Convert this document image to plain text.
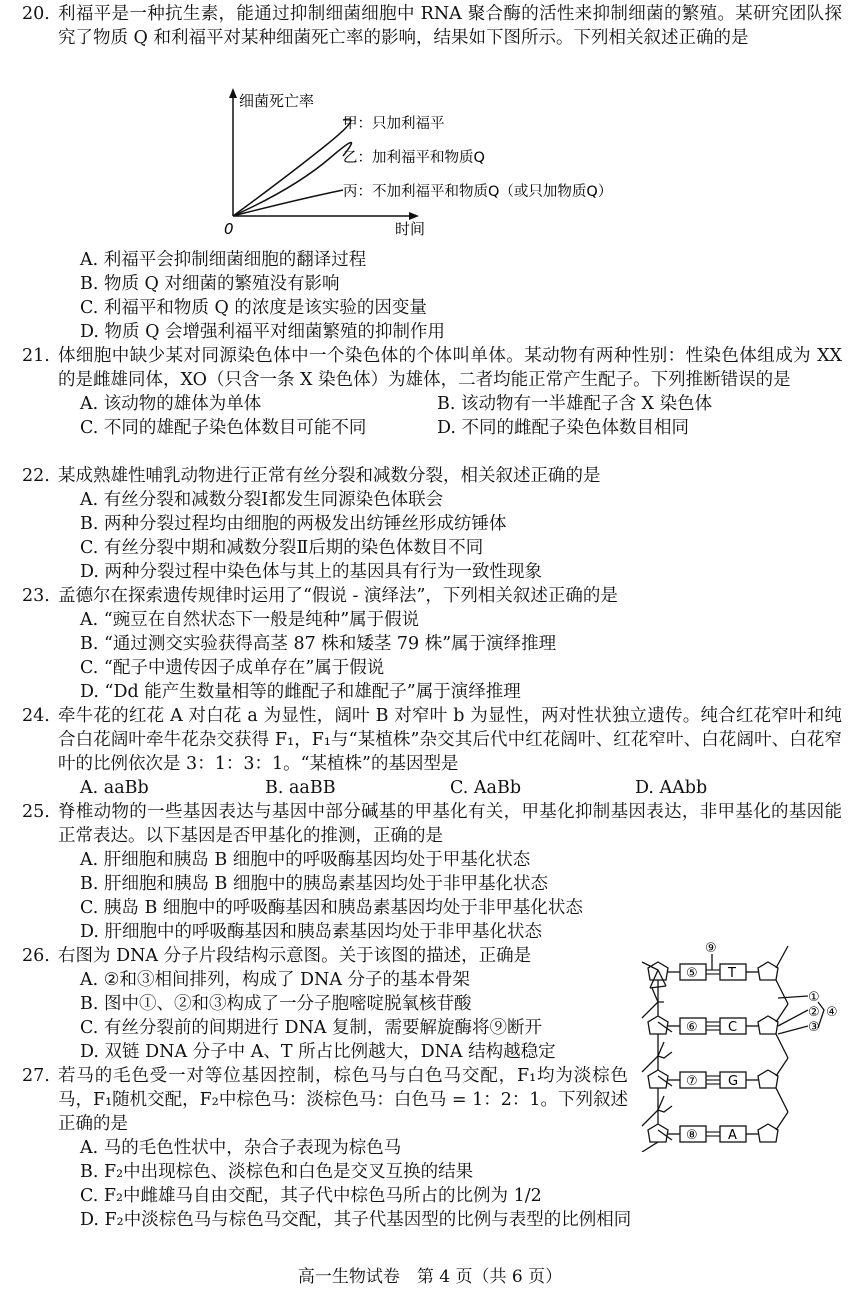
20. 利福平是一种抗生素，能通过抑制细菌细胞中 RNA 聚合酶的活性来抑制细菌的繁殖。某研究团队探究了物质 Q 和利福平对某种细菌死亡率的影响，结果如下图所示。下列相关叙述正确的是
细菌死亡率
0	时间
甲：只加利福平
乙：加利福平和物质Q
丙：不加利福平和物质Q（或只加物质Q）
A. 利福平会抑制细菌细胞的翻译过程
B. 物质 Q 对细菌的繁殖没有影响
C. 利福平和物质 Q 的浓度是该实验的因变量
D. 物质 Q 会增强利福平对细菌繁殖的抑制作用
21. 体细胞中缺少某对同源染色体中一个染色体的个体叫单体。某动物有两种性别：性染色体组成为 XX 的是雌雄同体，XO（只含一条 X 染色体）为雄体，二者均能正常产生配子。下列推断错误的是
A. 该动物的雄体为单体	B. 该动物有一半雄配子含 X 染色体
C. 不同的雄配子染色体数目可能不同	D. 不同的雌配子染色体数目相同
22. 某成熟雄性哺乳动物进行正常有丝分裂和减数分裂，相关叙述正确的是
A. 有丝分裂和减数分裂Ⅰ都发生同源染色体联会
B. 两种分裂过程均由细胞的两极发出纺锤丝形成纺锤体
C. 有丝分裂中期和减数分裂Ⅱ后期的染色体数目不同
D. 两种分裂过程中染色体与其上的基因具有行为一致性现象
23. 孟德尔在探索遗传规律时运用了“假说 - 演绎法”，下列相关叙述正确的是
A. “豌豆在自然状态下一般是纯种”属于假说
B. “通过测交实验获得高茎 87 株和矮茎 79 株”属于演绎推理
C. “配子中遗传因子成单存在”属于假说
D. “Dd 能产生数量相等的雌配子和雄配子”属于演绎推理
24. 牵牛花的红花 A 对白花 a 为显性，阔叶 B 对窄叶 b 为显性，两对性状独立遗传。纯合红花窄叶和纯合白花阔叶牵牛花杂交获得 F₁，F₁与“某植株”杂交其后代中红花阔叶、红花窄叶、白花阔叶、白花窄叶的比例依次是 3：1：3：1。“某植株”的基因型是
A. aaBb	B. aaBB	C. AaBb	D. AAbb
25. 脊椎动物的一些基因表达与基因中部分碱基的甲基化有关，甲基化抑制基因表达，非甲基化的基因能正常表达。以下基因是否甲基化的推测，正确的是
A. 肝细胞和胰岛 B 细胞中的呼吸酶基因均处于甲基化状态
B. 肝细胞和胰岛 B 细胞中的胰岛素基因均处于非甲基化状态
C. 胰岛 B 细胞中的呼吸酶基因和胰岛素基因均处于非甲基化状态
D. 肝细胞中的呼吸酶基因和胰岛素基因均处于非甲基化状态
26. 右图为 DNA 分子片段结构示意图。关于该图的描述，正确是
A. ②和③相间排列，构成了 DNA 分子的基本骨架
B. 图中①、②和③构成了一分子胞嘧啶脱氧核苷酸
C. 有丝分裂前的间期进行 DNA 复制，需要解旋酶将⑨断开
D. 双链 DNA 分子中 A、T 所占比例越大，DNA 结构越稳定
27. 若马的毛色受一对等位基因控制，棕色马与白色马交配，F₁均为淡棕色马，F₁随机交配，F₂中棕色马：淡棕色马：白色马 = 1：2：1。下列叙述正确的是
A. 马的毛色性状中，杂合子表现为棕色马
B. F₂中出现棕色、淡棕色和白色是交叉互换的结果
C. F₂中雌雄马自由交配，其子代中棕色马所占的比例为 1/2
D. F₂中淡棕色马与棕色马交配，其子代基因型的比例与表型的比例相同
⑨
⑤ T
⑥ C
⑦ G
⑧ A
①
②
③
④
高一生物试卷　第 4 页（共 6 页）
